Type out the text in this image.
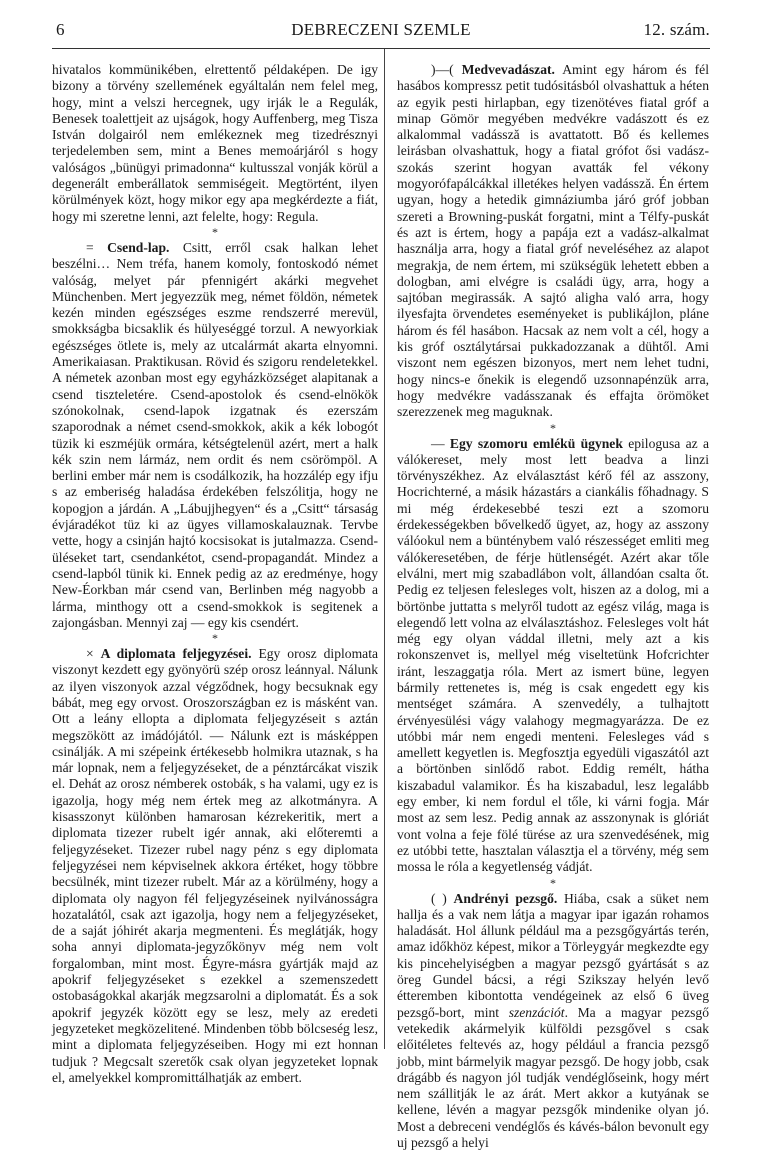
6	DEBRECZENI SZEMLE	12. szám.

hivatalos kommünikében, elrettentő példaképen. De igy bizony a törvény szellemének egyáltalán nem felel meg, hogy, mint a velszi hercegnek, ugy irják le a Regulák, Benesek toalettjeit az ujságok, hogy Auffenberg, meg Tisza István dolgairól nem emlékeznek meg tizedrésznyi terjedelemben sem, mint a Benes memoárjáról s hogy valóságos „bünügyi primadonna“ kultusszal vonják körül a degenerált emberállatok semmiségeit. Megtörtént, ilyen körülmények közt, hogy mikor egy apa megkérdezte a fiát, hogy mi szeretne lenni, azt felelte, hogy: Regula.

*

= Csend-lap. Csitt, erről csak halkan lehet beszélni… Nem tréfa, hanem komoly, fontoskodó német valóság, melyet pár pfennigért akárki megvehet Münchenben. Mert jegyezzük meg, német földön, németek kezén minden egészséges eszme rendszerré merevül, smokkságba bicsaklik és hülyeséggé torzul. A newyorkiak egészséges ötlete is, mely az utcalármát akarta elnyomni. Amerikaiasan. Praktikusan. Rövid és szigoru rendeletekkel. A németek azonban most egy egyházközséget alapitanak a csend tiszteletére. Csend-apostolok és csend-elnökök szónokolnak, csend-lapok izgatnak és ezerszám szaporodnak a német csend-smokkok, akik a kék lobogót tüzik ki eszméjük ormára, kétségtelenül azért, mert a halk kék szin nem lármáz, nem ordit és nem csörömpöl. A berlini ember már nem is csodálkozik, ha hozzálép egy ifju s az emberiség haladása érdekében felszólitja, hogy ne kopogjon a járdán. A „Lábujjhegyen“ és a „Csitt“ társaság évjáradékot tüz ki az ügyes villamoskalauznak. Tervbe vette, hogy a csinján hajtó kocsisokat is jutalmazza. Csend-üléseket tart, csendankétot, csend-propagandát. Mindez a csend-lapból tünik ki. Ennek pedig az az eredménye, hogy New-Éorkban már csend van, Berlinben még nagyobb a lárma, minthogy ott a csend-smokkok is segitenek a zajongásban. Mennyi zaj — egy kis csendért.

*

× A diplomata feljegyzései. Egy orosz diplomata viszonyt kezdett egy gyönyörü szép orosz leánnyal. Nálunk az ilyen viszonyok azzal végződnek, hogy becsuknak egy bábát, meg egy orvost. Oroszországban ez is másként van. Ott a leány ellopta a diplomata feljegyzéseit s aztán megszökött az imádójától. — Nálunk ezt is másképpen csinálják. A mi szépeink értékesebb holmikra utaznak, s ha már lopnak, nem a feljegyzéseket, de a pénztárcákat viszik el. Dehát az orosz némberek ostobák, s ha valami, ugy ez is igazolja, hogy még nem értek meg az alkotmányra. A kisasszonyt különben hamarosan kézrekeritik, mert a diplomata tizezer rubelt igér annak, aki előteremti a feljegyzéseket. Tizezer rubel nagy pénz s egy diplomata feljegyzései nem képviselnek akkora értéket, hogy többre becsülnék, mint tizezer rubelt. Már az a körülmény, hogy a diplomata oly nagyon fél feljegyzéseinek nyilvánosságra hozatalától, csak azt igazolja, hogy nem a feljegyzéseket, de a saját jóhirét akarja megmenteni. És meglátják, hogy soha annyi diplomata-jegyzőkönyv még nem volt forgalomban, mint most. Égyre-másra gyártják majd az apokrif feljegyzéseket s ezekkel a szemenszedett ostobaságokkal akarják megzsarolni a diplomatát. És a sok apokrif jegyzék között egy se lesz, mely az eredeti jegyzeteket megközelitené. Mindenben több bölcseség lesz, mint a diplomata feljegyzéseiben. Hogy mi ezt honnan tudjuk ? Megcsalt szeretők csak olyan jegyzeteket lopnak el, amelyekkel kompromittálhatják az embert.

)—( Medvevadászat. Amint egy három és fél hasábos kompressz petit tudósitásból olvashattuk a héten az egyik pesti hirlapban, egy tizenötéves fiatal gróf a minap Gömör megyében medvékre vadászott és ez alkalommal vadássză is avattatott. Bő és kellemes leirásban olvashattuk, hogy a fiatal grófot ősi vadász-szokás szerint hogyan avatták fel vékony mogyorófapálcákkal illetékes helyen vadássză. Én értem ugyan, hogy a hetedik gimnáziumba járó gróf jobban szereti a Browning-puskát forgatni, mint a Télfy-puskát és azt is értem, hogy a papája ezt a vadász-alkalmat használja arra, hogy a fiatal gróf neveléséhez az alapot megrakja, de nem értem, mi szükségük lehetett ebben a dologban, ami elvégre is családi ügy, arra, hogy a sajtóban megirassák. A sajtó aligha való arra, hogy ilyesfajta örvendetes eseményeket is publikájlon, pláne három és fél hasábon. Hacsak az nem volt a cél, hogy a kis gróf osztálytársai pukkadozzanak a dühtől. Ami viszont nem egészen bizonyos, mert nem lehet tudni, hogy nincs-e őnekik is elegendő uzsonnapénzük arra, hogy medvékre vadásszanak és effajta örömöket szerezzenek meg maguknak.

*

— Egy szomoru emlékü ügynek epilogusa az a válókereset, mely most lett beadva a linzi törvényszékhez. Az elválasztást kérő fél az asszony, Hocrichterné, a másik házastárs a ciankális főhadnagy. S mi még érdekesebbé teszi ezt a szomoru érdekességekben bővelkedő ügyet, az, hogy az asszony válóokul nem a bünténybem való részességet emliti meg válókeresetében, de férje hütlenségét. Azért akar tőle elválni, mert mig szabadlábon volt, állandóan csalta őt. Pedig ez teljesen felesleges volt, hiszen az a dolog, mi a börtönbe juttatta s melyről tudott az egész világ, maga is elegendő lett volna az elválasztáshoz. Felesleges volt hát még egy olyan váddal illetni, mely azt a kis rokonszenvet is, mellyel még viseltetünk Hofcrichter iránt, leszaggatja róla. Mert az ismert büne, legyen bármily rettenetes is, még is csak engedett egy kis mentséget számára. A szenvedély, a tulhajtott érvényesülési vágy valahogy megmagyarázza. De ez utóbbi már nem engedi menteni. Felesleges vád s amellett kegyetlen is. Megfosztja egyedüli vigaszától azt a börtönben sinlődő rabot. Eddig remélt, hátha kiszabadul valamikor. És ha kiszabadul, lesz legalább egy ember, ki nem fordul el tőle, ki várni fogja. Már most az sem lesz. Pedig annak az asszonynak is glóriát vont volna a feje fölé türése az ura szenvedésének, mig ez utóbbi tette, hasztalan választja el a törvény, még sem mossa le róla a kegyetlenség vádját.

*

( ) Andrényi pezsgő. Hiába, csak a süket nem hallja és a vak nem látja a magyar ipar igazán rohamos haladását. Hol állunk például ma a pezsgőgyártás terén, amaz időkhöz képest, mikor a Törleygyár megkezdte egy kis pincehelyiségben a magyar pezsgő gyártását s az öreg Gundel bácsi, a régi Szikszay helyén levő étteremben kibontotta vendégeinek az első 6 üveg pezsgő-bort, mint szenzációt. Ma a magyar pezsgő vetekedik akármelyik külföldi pezsgővel s csak előitéletes feltevés az, hogy például a francia pezsgő jobb, mint bármelyik magyar pezsgő. De hogy jobb, csak drágább és nagyon jól tudják vendéglőseink, hogy mért nem szállitják le az árát. Mert akkor a kutyának se kellene, lévén a magyar pezsgők mindenike olyan jó. Most a debreceni vendéglős és kávés-bálon bevonult egy uj pezsgő a helyi
